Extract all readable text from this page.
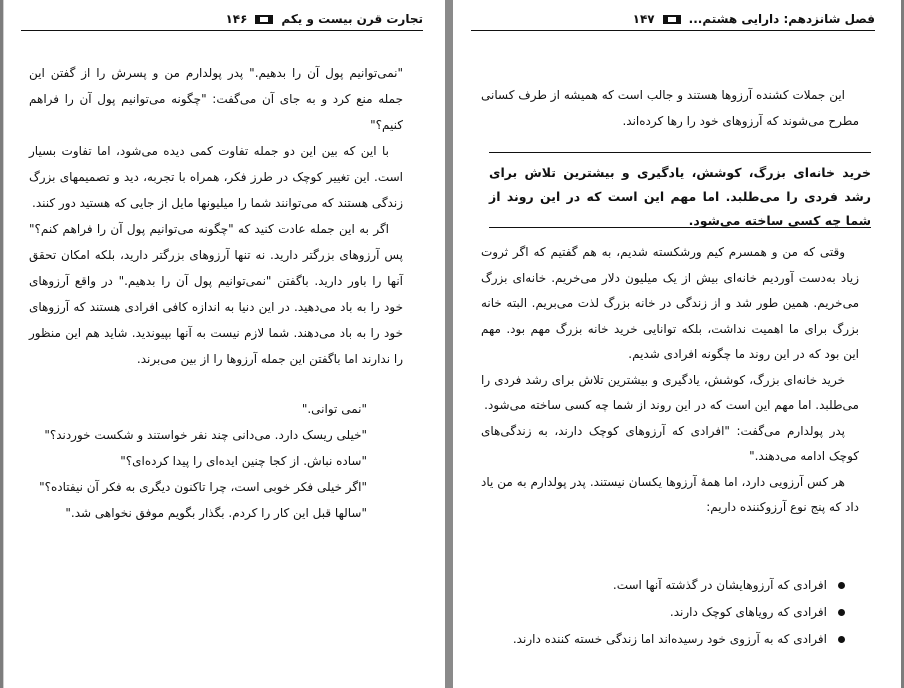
تجارت قرن بیست و یکم
۱۴۶

"نمی‌توانیم پول آن را بدهیم." پدر پولدارم من و پسرش را از گفتن این جمله منع کرد و به جای آن می‌گفت: "چگونه می‌توانیم پول آن را فراهم کنیم؟"

با این که بین این دو جمله تفاوت کمی دیده می‌شود، اما تفاوت بسیار است. این تغییر کوچک در طرز فکر، همراه با تجربه، دید و تصمیمهای بزرگ زندگی هستند که می‌توانند شما را میلیونها مایل از جایی که هستید دور کنند.

اگر به این جمله عادت کنید که "چگونه می‌توانیم پول آن را فراهم کنم؟" پس آرزوهای بزرگتر دارید. نه تنها آرزوهای بزرگتر دارید، بلکه امکان تحقق آنها را باور دارید. باگفتن "نمی‌توانیم پول آن را بدهیم." در واقع آرزوهای خود را به باد می‌دهید. در این دنیا به اندازه کافی افرادی هستند که آرزوهای خود را به باد می‌دهند. شما لازم نیست به آنها بپیوندید. شاید هم این منظور را ندارند اما باگفتن این جمله آرزوها را از بین می‌برند.

"نمی توانی."
"خیلی ریسک دارد. می‌دانی چند نفر خواستند و شکست خوردند؟"
"ساده نباش. از کجا چنین ایده‌ای را پیدا کرده‌ای؟"
"اگر خیلی فکر خوبی است، چرا تاکنون دیگری به فکر آن نیفتاده؟"
"سالها قبل این کار را کردم. بگذار بگویم موفق نخواهی شد."
فصل شانزدهم: دارایی هشتم...
۱۴۷

این جملات کشنده آرزوها هستند و جالب است که همیشه از طرف کسانی مطرح می‌شوند که آرزوهای خود را رها کرده‌اند.

خرید خانه‌ای بزرگ، کوشش، یادگیری و بیشترین تلاش برای رشد فردی را می‌طلبد. اما مهم این است که در این روند از شما چه کسی ساخته می‌شود.

وقتی که من و همسرم کیم ورشکسته شدیم، به هم گفتیم که اگر ثروت زیاد به‌دست آوردیم خانه‌ای بیش از یک میلیون دلار می‌خریم. خانه‌ای بزرگ می‌خریم. همین طور شد و از زندگی در خانه بزرگ لذت می‌بریم. البته خانه بزرگ برای ما اهمیت نداشت، بلکه توانایی خرید خانه بزرگ مهم بود. مهم این بود که در این روند ما چگونه افرادی شدیم.

خرید خانه‌ای بزرگ، کوشش، یادگیری و بیشترین تلاش برای رشد فردی را می‌طلبد. اما مهم این است که در این روند از شما چه کسی ساخته می‌شود.

پدر پولدارم می‌گفت: "افرادی که آرزوهای کوچک دارند، به زندگی‌های کوچک ادامه می‌دهند."

هر کس آرزویی دارد، اما همهٔ آرزوها یکسان نیستند. پدر پولدارم به من یاد داد که پنج نوع آرزوکننده داریم:

افرادی که آرزوهایشان در گذشته آنها است.
افرادی که رویاهای کوچک دارند.
افرادی که به آرزوی خود رسیده‌اند اما زندگی خسته کننده دارند.
